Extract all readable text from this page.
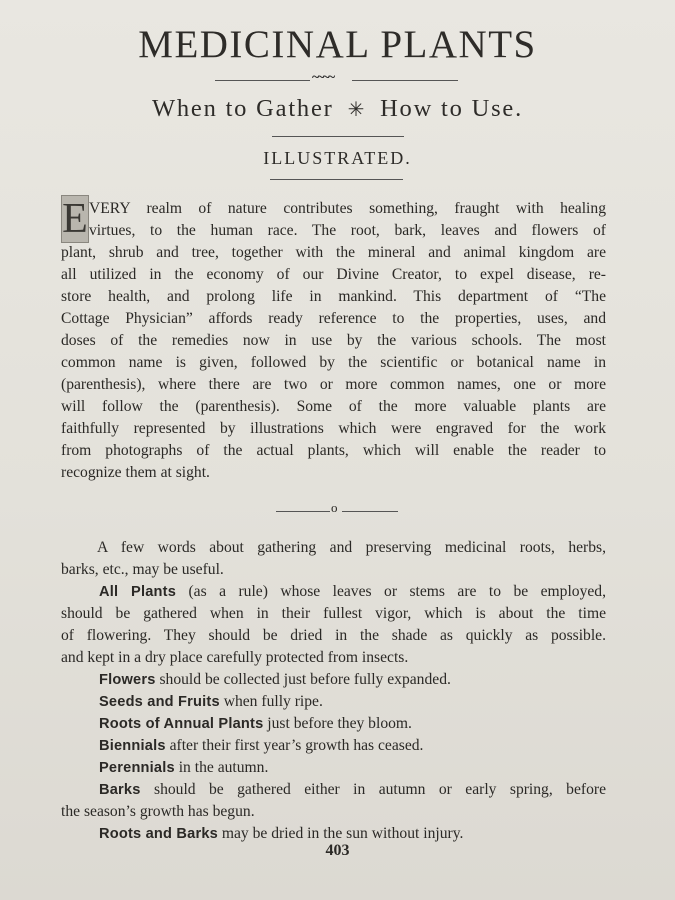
MEDICINAL PLANTS
~~~~
When to Gather ✳ How to Use.
ILLUSTRATED.
E VERY realm of nature contributes something, fraught with healing
virtues, to the human race. The root, bark, leaves and flowers of
plant, shrub and tree, together with the mineral and animal kingdom are
all utilized in the economy of our Divine Creator, to expel disease, re-
store health, and prolong life in mankind. This department of “The
Cottage Physician” affords ready reference to the properties, uses, and
doses of the remedies now in use by the various schools. The most
common name is given, followed by the scientific or botanical name in
(parenthesis), where there are two or more common names, one or more
will follow the (parenthesis). Some of the more valuable plants are
faithfully represented by illustrations which were engraved for the work
from photographs of the actual plants, which will enable the reader to
recognize them at sight.
o
A few words about gathering and preserving medicinal roots, herbs,
barks, etc., may be useful.
All Plants (as a rule) whose leaves or stems are to be employed,
should be gathered when in their fullest vigor, which is about the time
of flowering. They should be dried in the shade as quickly as possible.
and kept in a dry place carefully protected from insects.
Flowers should be collected just before fully expanded.
Seeds and Fruits when fully ripe.
Roots of Annual Plants just before they bloom.
Biennials after their first year’s growth has ceased.
Perennials in the autumn.
Barks should be gathered either in autumn or early spring, before
the season’s growth has begun.
Roots and Barks may be dried in the sun without injury.
403
